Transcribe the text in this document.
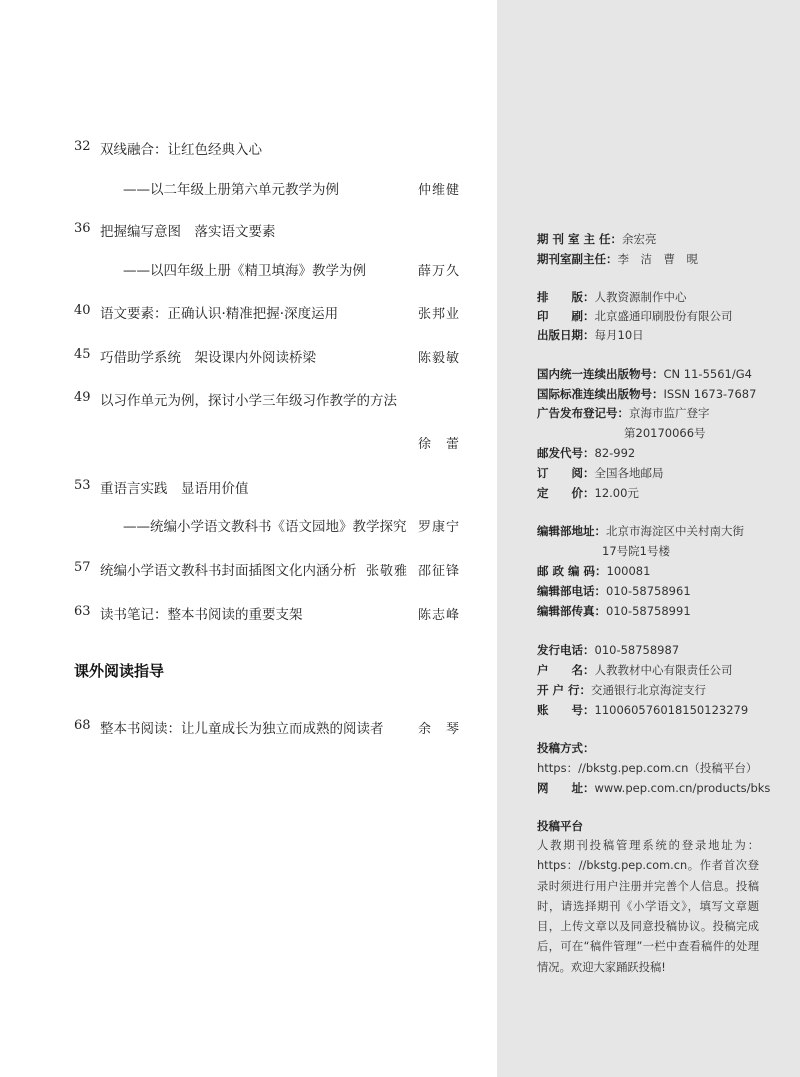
32 双线融合：让红色经典入心
——以二年级上册第六单元教学为例	仲维健
36 把握编写意图　落实语文要素
——以四年级上册《精卫填海》教学为例	薛万久
40 语文要素：正确认识·精准把握·深度运用	张邦业
45 巧借助学系统　架设课内外阅读桥梁	陈毅敏
49 以习作单元为例，探讨小学三年级习作教学的方法
徐　蕾
53 重语言实践　显语用价值
——统编小学语文教科书《语文园地》教学探究 罗康宁
57 统编小学语文教科书封面插图文化内涵分析 张敬雅 邵征锋
63 读书笔记：整本书阅读的重要支架	陈志峰
课外阅读指导
68 整本书阅读：让儿童成长为独立而成熟的阅读者	余　琴
期 刊 室 主 任：余宏亮
期刊室副主任：李　洁　曹　晛
排　　版：人教资源制作中心
印　　刷：北京盛通印刷股份有限公司
出版日期：每月10日
国内统一连续出版物号：CN 11-5561/G4
国际标准连续出版物号：ISSN 1673-7687
广告发布登记号：京海市监广登字
第20170066号
邮发代号：82-992
订　　阅：全国各地邮局
定　　价：12.00元
编辑部地址：北京市海淀区中关村南大街
17号院1号楼
邮 政 编 码：100081
编辑部电话：010-58758961
编辑部传真：010-58758991
发行电话：010-58758987
户　　名：人教教材中心有限责任公司
开 户 行：交通银行北京海淀支行
账　　号：110060576018150123279
投稿方式：
https：//bkstg.pep.com.cn（投稿平台）
网　　址：www.pep.com.cn/products/bks
投稿平台
人教期刊投稿管理系统的登录地址为：https：//bkstg.pep.com.cn。作者首次登录时须进行用户注册并完善个人信息。投稿时，请选择期刊《小学语文》，填写文章题目，上传文章以及同意投稿协议。投稿完成后，可在“稿件管理”一栏中查看稿件的处理情况。欢迎大家踊跃投稿!
